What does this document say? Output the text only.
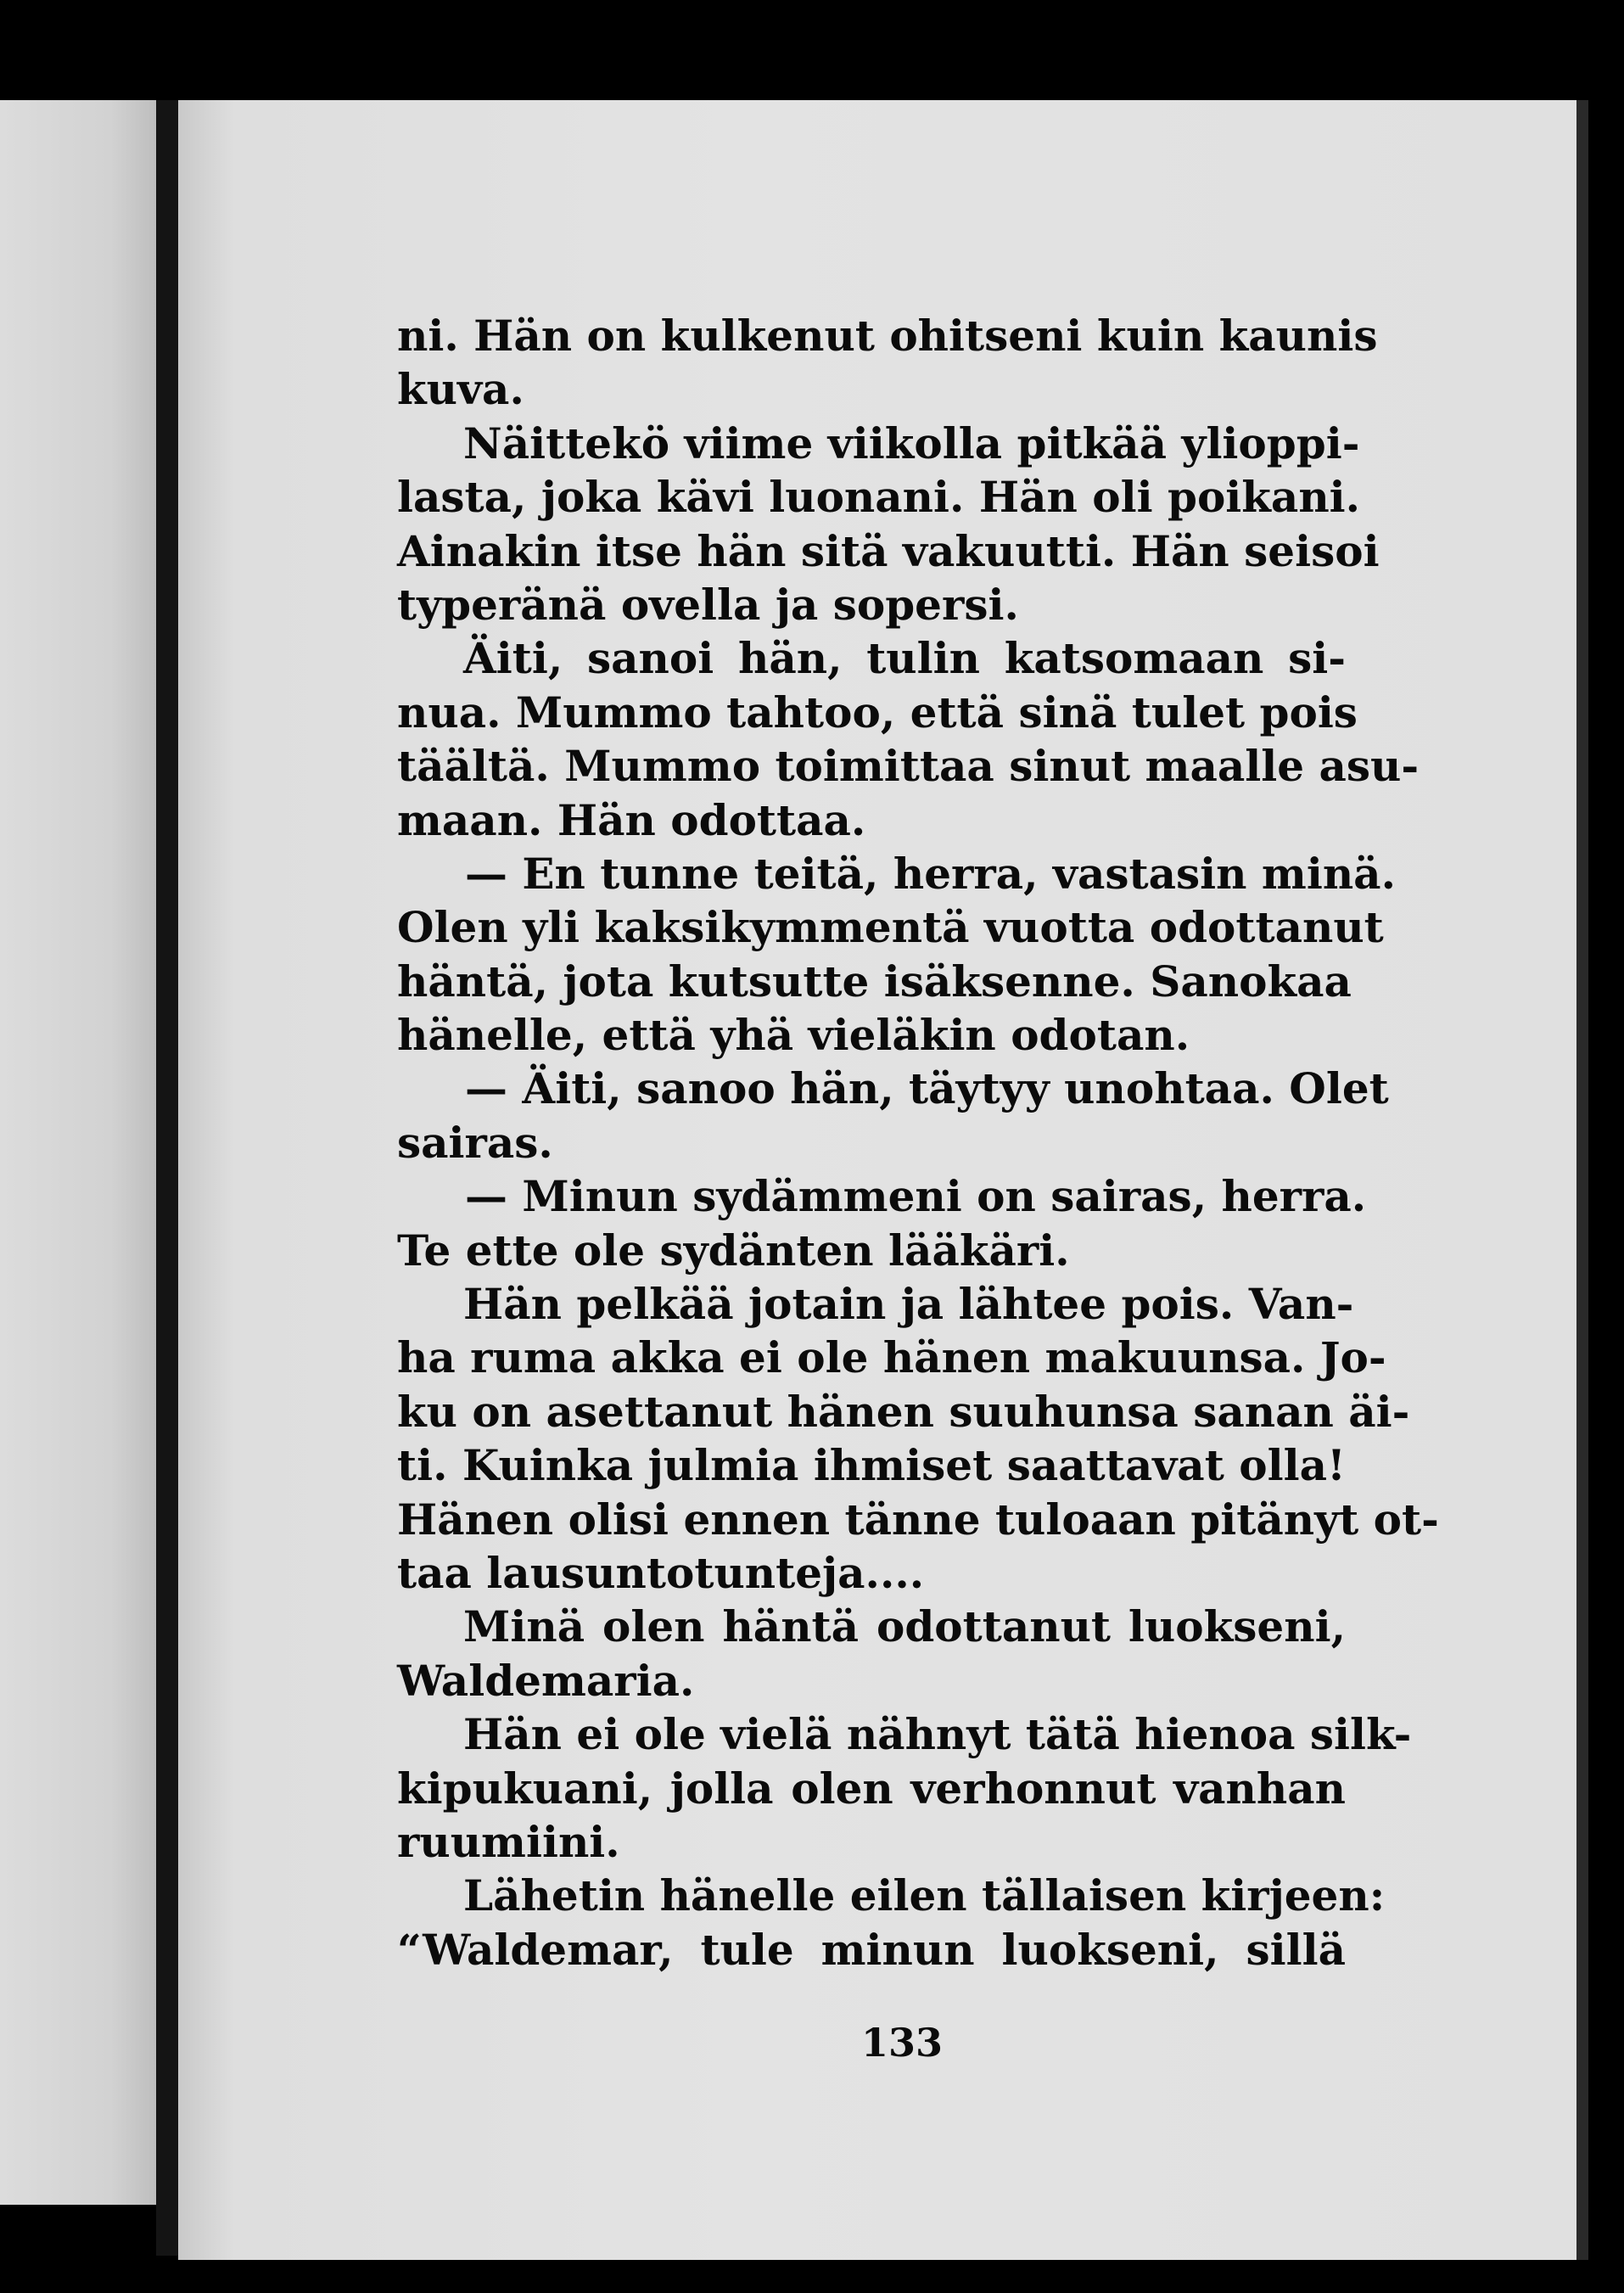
ni. Hän on kulkenut ohitseni kuin kaunis
kuva.
Näittekö viime viikolla pitkää ylioppi-
lasta, joka kävi luonani. Hän oli poikani.
Ainakin itse hän sitä vakuutti. Hän seisoi
typeränä ovella ja sopersi.
Äiti, sanoi hän, tulin katsomaan si-
nua. Mummo tahtoo, että sinä tulet pois
täältä. Mummo toimittaa sinut maalle asu-
maan. Hän odottaa.
— En tunne teitä, herra, vastasin minä.
Olen yli kaksikymmentä vuotta odottanut
häntä, jota kutsutte isäksenne. Sanokaa
hänelle, että yhä vieläkin odotan.
— Äiti, sanoo hän, täytyy unohtaa. Olet
sairas.
— Minun sydämmeni on sairas, herra.
Te ette ole sydänten lääkäri.
Hän pelkää jotain ja lähtee pois. Van-
ha ruma akka ei ole hänen makuunsa. Jo-
ku on asettanut hänen suuhunsa sanan äi-
ti. Kuinka julmia ihmiset saattavat olla!
Hänen olisi ennen tänne tuloaan pitänyt ot-
taa lausuntotunteja....
Minä olen häntä odottanut luokseni,
Waldemaria.
Hän ei ole vielä nähnyt tätä hienoa silk-
kipukuani, jolla olen verhonnut vanhan
ruumiini.
Lähetin hänelle eilen tällaisen kirjeen:
“Waldemar, tule minun luokseni, sillä
133
